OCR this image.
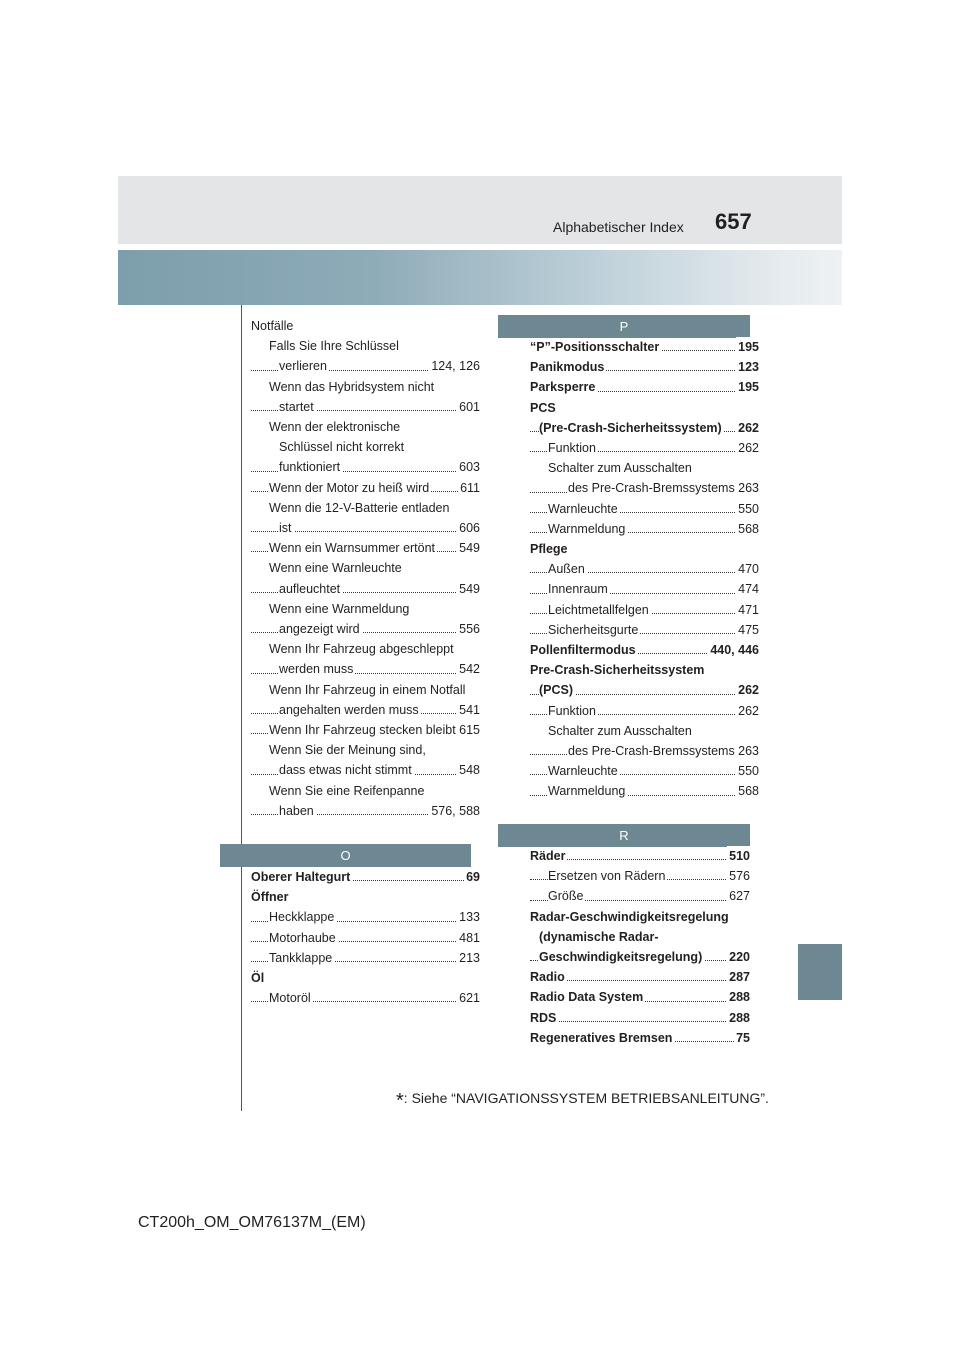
Alphabetischer Index 657
Notfälle
Falls Sie Ihre Schlüssel
verlieren	124, 126
Wenn das Hybridsystem nicht
startet	601
Wenn der elektronische
Schlüssel nicht korrekt
funktioniert	603
Wenn der Motor zu heiß wird 611
Wenn die 12-V-Batterie entladen
ist	606
Wenn ein Warnsummer ertönt 549
Wenn eine Warnleuchte
aufleuchtet	549
Wenn eine Warnmeldung
angezeigt wird	556
Wenn Ihr Fahrzeug abgeschleppt
werden muss	542
Wenn Ihr Fahrzeug in einem Notfall
angehalten werden muss	541
Wenn Ihr Fahrzeug stecken bleibt 615
Wenn Sie der Meinung sind,
dass etwas nicht stimmt	548
Wenn Sie eine Reifenpanne
haben	576, 588
O
Oberer Haltegurt	69
Öffner
Heckklappe	133
Motorhaube	481
Tankklappe	213
Öl
Motoröl	621
P
“P”-Positionsschalter	195
Panikmodus	123
Parksperre	195
PCS
(Pre-Crash-Sicherheitssystem) 262
Funktion	262
Schalter zum Ausschalten
des Pre-Crash-Bremssystems 263
Warnleuchte	550
Warnmeldung	568
Pflege
Außen	470
Innenraum	474
Leichtmetallfelgen	471
Sicherheitsgurte	475
Pollenfiltermodus	440, 446
Pre-Crash-Sicherheitssystem
(PCS)	262
Funktion	262
Schalter zum Ausschalten
des Pre-Crash-Bremssystems 263
Warnleuchte	550
Warnmeldung	568
R
Räder	510
Ersetzen von Rädern	576
Größe	627
Radar-Geschwindigkeitsregelung
(dynamische Radar-
Geschwindigkeitsregelung) 220
Radio	287
Radio Data System	288
RDS	288
Regeneratives Bremsen	75
*: Siehe “NAVIGATIONSSYSTEM BETRIEBSANLEITUNG”.
CT200h_OM_OM76137M_(EM)
